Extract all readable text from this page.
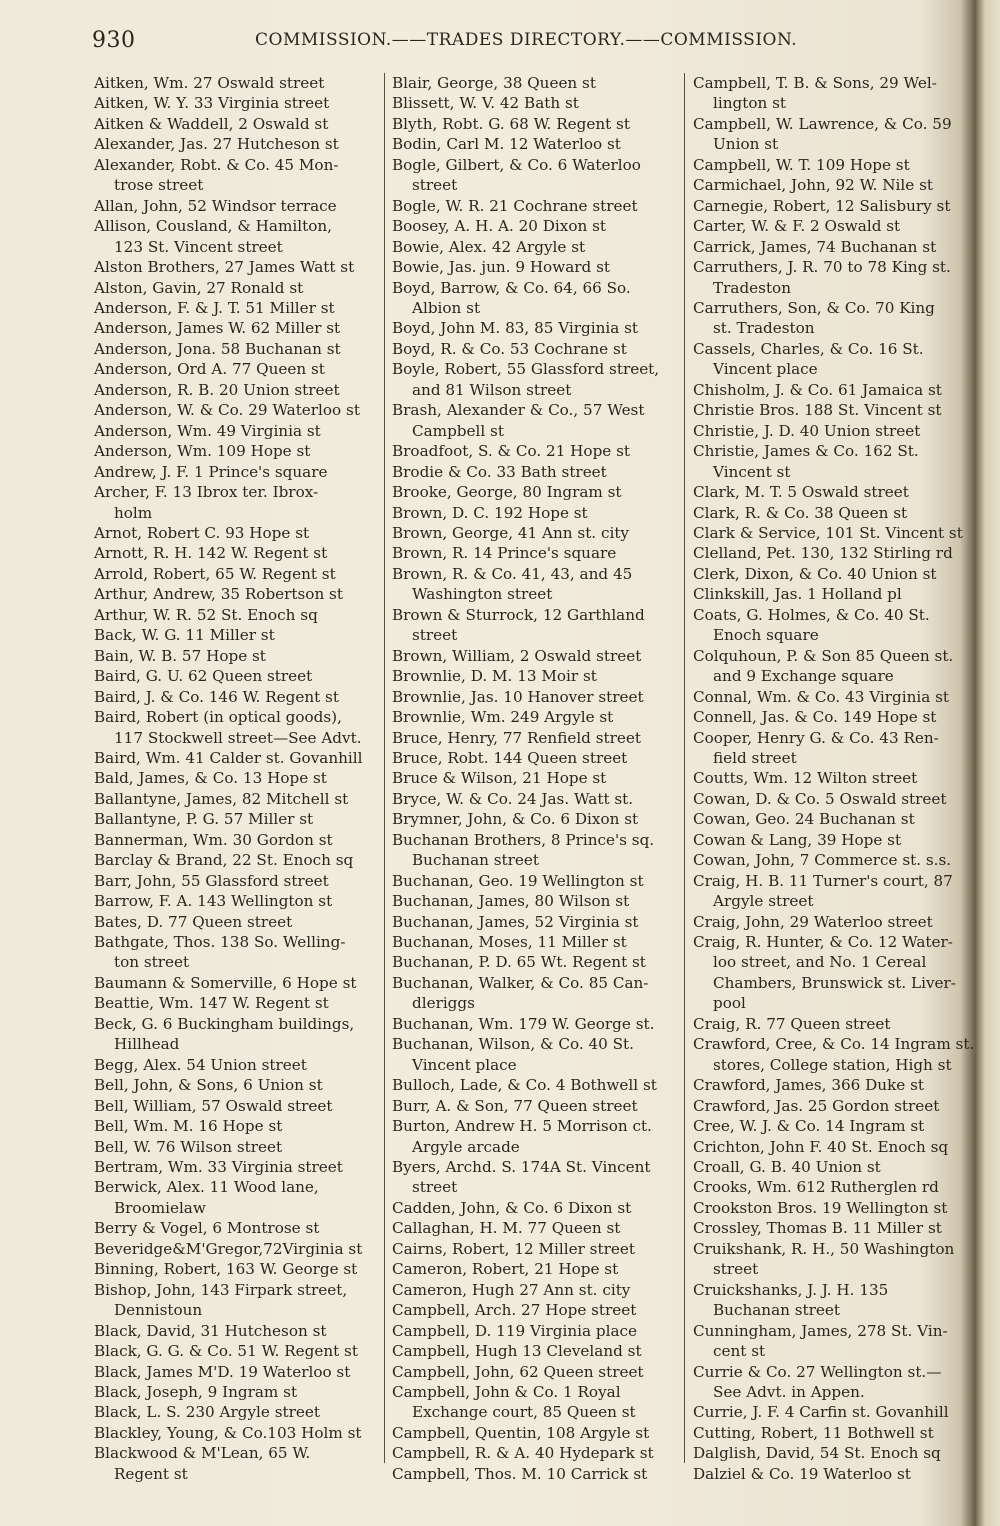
930	COMMISSION.——TRADES DIRECTORY.——COMMISSION.
Aitken, Wm. 27 Oswald street
Aitken, W. Y. 33 Virginia street
Aitken & Waddell, 2 Oswald st
Alexander, Jas. 27 Hutcheson st
Alexander, Robt. & Co. 45 Mon-
trose street
Allan, John, 52 Windsor terrace
Allison, Cousland, & Hamilton,
123 St. Vincent street
Alston Brothers, 27 James Watt st
Alston, Gavin, 27 Ronald st
Anderson, F. & J. T. 51 Miller st
Anderson, James W. 62 Miller st
Anderson, Jona. 58 Buchanan st
Anderson, Ord A. 77 Queen st
Anderson, R. B. 20 Union street
Anderson, W. & Co. 29 Waterloo st
Anderson, Wm. 49 Virginia st
Anderson, Wm. 109 Hope st
Andrew, J. F. 1 Prince's square
Archer, F. 13 Ibrox ter. Ibrox-
holm
Arnot, Robert C. 93 Hope st
Arnott, R. H. 142 W. Regent st
Arrold, Robert, 65 W. Regent st
Arthur, Andrew, 35 Robertson st
Arthur, W. R. 52 St. Enoch sq
Back, W. G. 11 Miller st
Bain, W. B. 57 Hope st
Baird, G. U. 62 Queen street
Baird, J. & Co. 146 W. Regent st
Baird, Robert (in optical goods),
117 Stockwell street—See Advt.
Baird, Wm. 41 Calder st. Govanhill
Bald, James, & Co. 13 Hope st
Ballantyne, James, 82 Mitchell st
Ballantyne, P. G. 57 Miller st
Bannerman, Wm. 30 Gordon st
Barclay & Brand, 22 St. Enoch sq
Barr, John, 55 Glassford street
Barrow, F. A. 143 Wellington st
Bates, D. 77 Queen street
Bathgate, Thos. 138 So. Welling-
ton street
Baumann & Somerville, 6 Hope st
Beattie, Wm. 147 W. Regent st
Beck, G. 6 Buckingham buildings,
Hillhead
Begg, Alex. 54 Union street
Bell, John, & Sons, 6 Union st
Bell, William, 57 Oswald street
Bell, Wm. M. 16 Hope st
Bell, W. 76 Wilson street
Bertram, Wm. 33 Virginia street
Berwick, Alex. 11 Wood lane,
Broomielaw
Berry & Vogel, 6 Montrose st
Beveridge&M'Gregor,72Virginia st
Binning, Robert, 163 W. George st
Bishop, John, 143 Firpark street,
Dennistoun
Black, David, 31 Hutcheson st
Black, G. G. & Co. 51 W. Regent st
Black, James M'D. 19 Waterloo st
Black, Joseph, 9 Ingram st
Black, L. S. 230 Argyle street
Blackley, Young, & Co.103 Holm st
Blackwood & M'Lean, 65 W.
Regent st
Blair, George, 38 Queen st
Blissett, W. V. 42 Bath st
Blyth, Robt. G. 68 W. Regent st
Bodin, Carl M. 12 Waterloo st
Bogle, Gilbert, & Co. 6 Waterloo
street
Bogle, W. R. 21 Cochrane street
Boosey, A. H. A. 20 Dixon st
Bowie, Alex. 42 Argyle st
Bowie, Jas. jun. 9 Howard st
Boyd, Barrow, & Co. 64, 66 So.
Albion st
Boyd, John M. 83, 85 Virginia st
Boyd, R. & Co. 53 Cochrane st
Boyle, Robert, 55 Glassford street,
and 81 Wilson street
Brash, Alexander & Co., 57 West
Campbell st
Broadfoot, S. & Co. 21 Hope st
Brodie & Co. 33 Bath street
Brooke, George, 80 Ingram st
Brown, D. C. 192 Hope st
Brown, George, 41 Ann st. city
Brown, R. 14 Prince's square
Brown, R. & Co. 41, 43, and 45
Washington street
Brown & Sturrock, 12 Garthland
street
Brown, William, 2 Oswald street
Brownlie, D. M. 13 Moir st
Brownlie, Jas. 10 Hanover street
Brownlie, Wm. 249 Argyle st
Bruce, Henry, 77 Renfield street
Bruce, Robt. 144 Queen street
Bruce & Wilson, 21 Hope st
Bryce, W. & Co. 24 Jas. Watt st.
Brymner, John, & Co. 6 Dixon st
Buchanan Brothers, 8 Prince's sq.
Buchanan street
Buchanan, Geo. 19 Wellington st
Buchanan, James, 80 Wilson st
Buchanan, James, 52 Virginia st
Buchanan, Moses, 11 Miller st
Buchanan, P. D. 65 Wt. Regent st
Buchanan, Walker, & Co. 85 Can-
dleriggs
Buchanan, Wm. 179 W. George st.
Buchanan, Wilson, & Co. 40 St.
Vincent place
Bulloch, Lade, & Co. 4 Bothwell st
Burr, A. & Son, 77 Queen street
Burton, Andrew H. 5 Morrison ct.
Argyle arcade
Byers, Archd. S. 174A St. Vincent
street
Cadden, John, & Co. 6 Dixon st
Callaghan, H. M. 77 Queen st
Cairns, Robert, 12 Miller street
Cameron, Robert, 21 Hope st
Cameron, Hugh 27 Ann st. city
Campbell, Arch. 27 Hope street
Campbell, D. 119 Virginia place
Campbell, Hugh 13 Cleveland st
Campbell, John, 62 Queen street
Campbell, John & Co. 1 Royal
Exchange court, 85 Queen st
Campbell, Quentin, 108 Argyle st
Campbell, R. & A. 40 Hydepark st
Campbell, Thos. M. 10 Carrick st
Campbell, T. B. & Sons, 29 Wel-
lington st
Campbell, W. Lawrence, & Co. 59
Union st
Campbell, W. T. 109 Hope st
Carmichael, John, 92 W. Nile st
Carnegie, Robert, 12 Salisbury st
Carter, W. & F. 2 Oswald st
Carrick, James, 74 Buchanan st
Carruthers, J. R. 70 to 78 King st.
Tradeston
Carruthers, Son, & Co. 70 King
st. Tradeston
Cassels, Charles, & Co. 16 St.
Vincent place
Chisholm, J. & Co. 61 Jamaica st
Christie Bros. 188 St. Vincent st
Christie, J. D. 40 Union street
Christie, James & Co. 162 St.
Vincent st
Clark, M. T. 5 Oswald street
Clark, R. & Co. 38 Queen st
Clark & Service, 101 St. Vincent st
Clelland, Pet. 130, 132 Stirling rd
Clerk, Dixon, & Co. 40 Union st
Clinkskill, Jas. 1 Holland pl
Coats, G. Holmes, & Co. 40 St.
Enoch square
Colquhoun, P. & Son 85 Queen st.
and 9 Exchange square
Connal, Wm. & Co. 43 Virginia st
Connell, Jas. & Co. 149 Hope st
Cooper, Henry G. & Co. 43 Ren-
field street
Coutts, Wm. 12 Wilton street
Cowan, D. & Co. 5 Oswald street
Cowan, Geo. 24 Buchanan st
Cowan & Lang, 39 Hope st
Cowan, John, 7 Commerce st. s.s.
Craig, H. B. 11 Turner's court, 87
Argyle street
Craig, John, 29 Waterloo street
Craig, R. Hunter, & Co. 12 Water-
loo street, and No. 1 Cereal
Chambers, Brunswick st. Liver-
pool
Craig, R. 77 Queen street
Crawford, Cree, & Co. 14 Ingram st.
stores, College station, High st
Crawford, James, 366 Duke st
Crawford, Jas. 25 Gordon street
Cree, W. J. & Co. 14 Ingram st
Crichton, John F. 40 St. Enoch sq
Croall, G. B. 40 Union st
Crooks, Wm. 612 Rutherglen rd
Crookston Bros. 19 Wellington st
Crossley, Thomas B. 11 Miller st
Cruikshank, R. H., 50 Washington
street
Cruickshanks, J. J. H. 135
Buchanan street
Cunningham, James, 278 St. Vin-
cent st
Currie & Co. 27 Wellington st.—
See Advt. in Appen.
Currie, J. F. 4 Carfin st. Govanhill
Cutting, Robert, 11 Bothwell st
Dalglish, David, 54 St. Enoch sq
Dalziel & Co. 19 Waterloo st
